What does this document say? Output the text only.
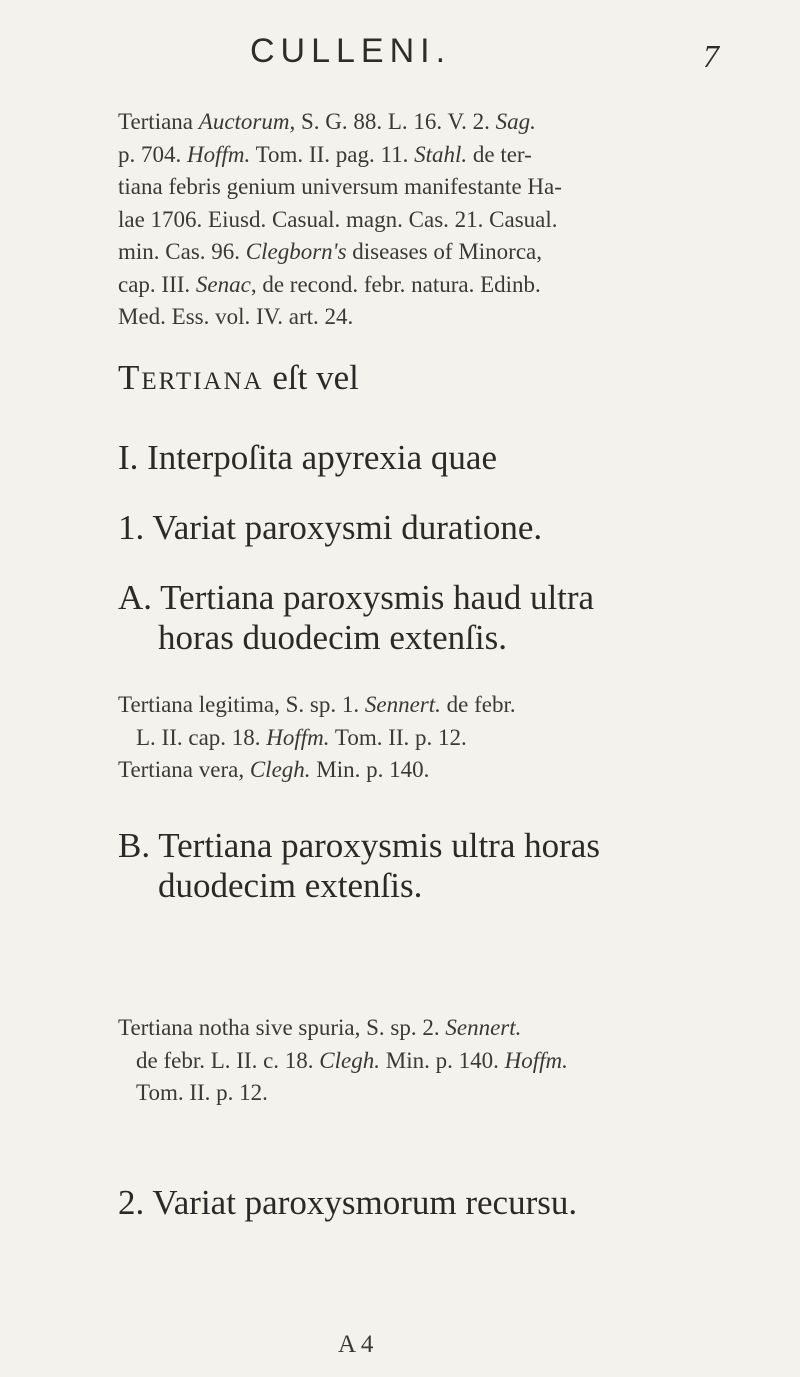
CULLENI.	7

Tertiana Auctorum, S. G. 88. L. 16. V. 2. Sag.

p. 704. Hoffm. Tom. II. pag. 11. Stahl. de ter-

tiana febris genium universum manifestante Ha-

lae 1706. Eiusd. Casual. magn. Cas. 21. Casual.

min. Cas. 96. Clegborn's diseases of Minorca,

cap. III. Senac, de recond. febr. natura. Edinb.

Med. Ess. vol. IV. art. 24.

Tertiana eſt vel
I. Interpoſita apyrexia quae
1. Variat paroxysmi duratione.
A. Tertiana paroxysmis haud ultra
horas duodecim extenſis.

Tertiana legitima, S. sp. 1. Sennert. de febr.

L. II. cap. 18. Hoffm. Tom. II. p. 12.

Tertiana vera, Clegh. Min. p. 140.

B. Tertiana paroxysmis ultra horas
duodecim extenſis.

Tertiana notha sive spuria, S. sp. 2. Sennert.

de febr. L. II. c. 18. Clegh. Min. p. 140. Hoffm.

Tom. II. p. 12.

2. Variat paroxysmorum recursu.
A 4
